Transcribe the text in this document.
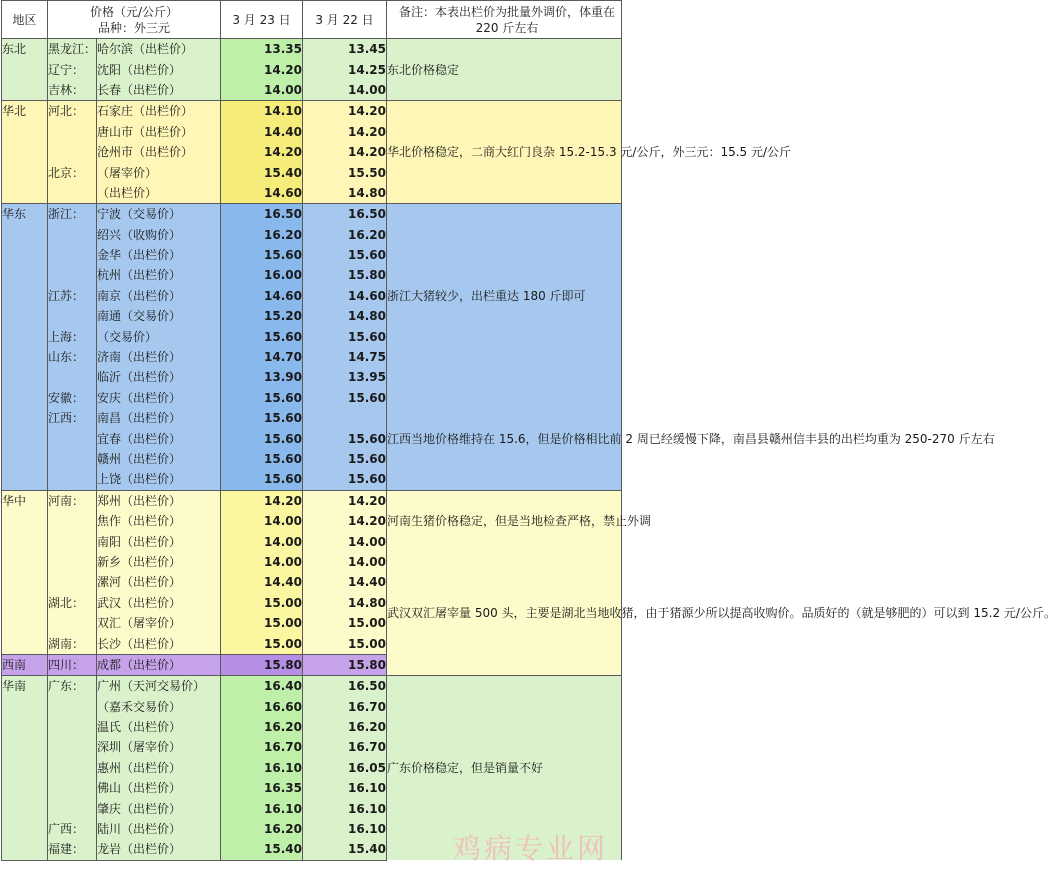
地区	价格（元/公斤）
品种：外三元		3 月 23 日	3 月 22 日	备注：本表出栏价为批量外调价，体重在 220 斤左右	
东北	黑龙江：	哈尔滨（出栏价）	13.35	13.45	东北价格稳定	
	辽宁：	沈阳（出栏价）	14.20	14.25		
	吉林：	长春（出栏价）	14.00	14.00		
华北	河北：	石家庄（出栏价）	14.10	14.20	华北价格稳定，二商大红门良杂 15.2-15.3 元/公斤，外三元：15.5 元/公斤	
		唐山市（出栏价）	14.40	14.20		
		沧州市（出栏价）	14.20	14.20		
	北京：	（屠宰价）	15.40	15.50		
		（出栏价）	14.60	14.80		
华东	浙江：	宁波（交易价）	16.50	16.50	浙江大猪较少，出栏重达 180 斤即可	
		绍兴（收购价）	16.20	16.20		
		金华（出栏价）	15.60	15.60		
		杭州（出栏价）	16.00	15.80		
	江苏：	南京（出栏价）	14.60	14.60		
		南通（交易价）	15.20	14.80		
	上海：	（交易价）	15.60	15.60		
	山东：	济南（出栏价）	14.70	14.75		
		临沂（出栏价）	13.90	13.95		
	安徽：	安庆（出栏价）	15.60	15.60	江西当地价格维持在 15.6，但是价格相比前 2 周已经缓慢下降，南昌县赣州信丰县的出栏均重为 250-270 斤左右	
	江西：	南昌（出栏价）	15.60			
		宜春（出栏价）	15.60	15.60		
		赣州（出栏价）	15.60	15.60		
		上饶（出栏价）	15.60	15.60		
华中	河南：	郑州（出栏价）	14.20	14.20	河南生猪价格稳定，但是当地检查严格，禁止外调	
		焦作（出栏价）	14.00	14.20		
		南阳（出栏价）	14.00	14.00		
		新乡（出栏价）	14.00	14.00	武汉双汇屠宰量 500 头，主要是湖北当地收猪，由于猪源少所以提高收购价。品质好的（就是够肥的）可以到 15.2 元/公斤。	
		漯河（出栏价）	14.40	14.40		
	湖北：	武汉（出栏价）	15.00	14.80		
		双汇（屠宰价）	15.00	15.00		
	湖南：	长沙（出栏价）	15.00	15.00		
西南	四川：	成都（出栏价）	15.80	15.80		
华南	广东：	广州（天河交易价）	16.40	16.50	广东价格稳定，但是销量不好	
		（嘉禾交易价）	16.60	16.70		
		温氏（出栏价）	16.20	16.20		
		深圳（屠宰价）	16.70	16.70		
		惠州（出栏价）	16.10	16.05		
		佛山（出栏价）	16.35	16.10		
		肇庆（出栏价）	16.10	16.10		
	广西：	陆川（出栏价）	16.20	16.10		
	福建：	龙岩（出栏价）	15.40	15.40		鸡病专业网
